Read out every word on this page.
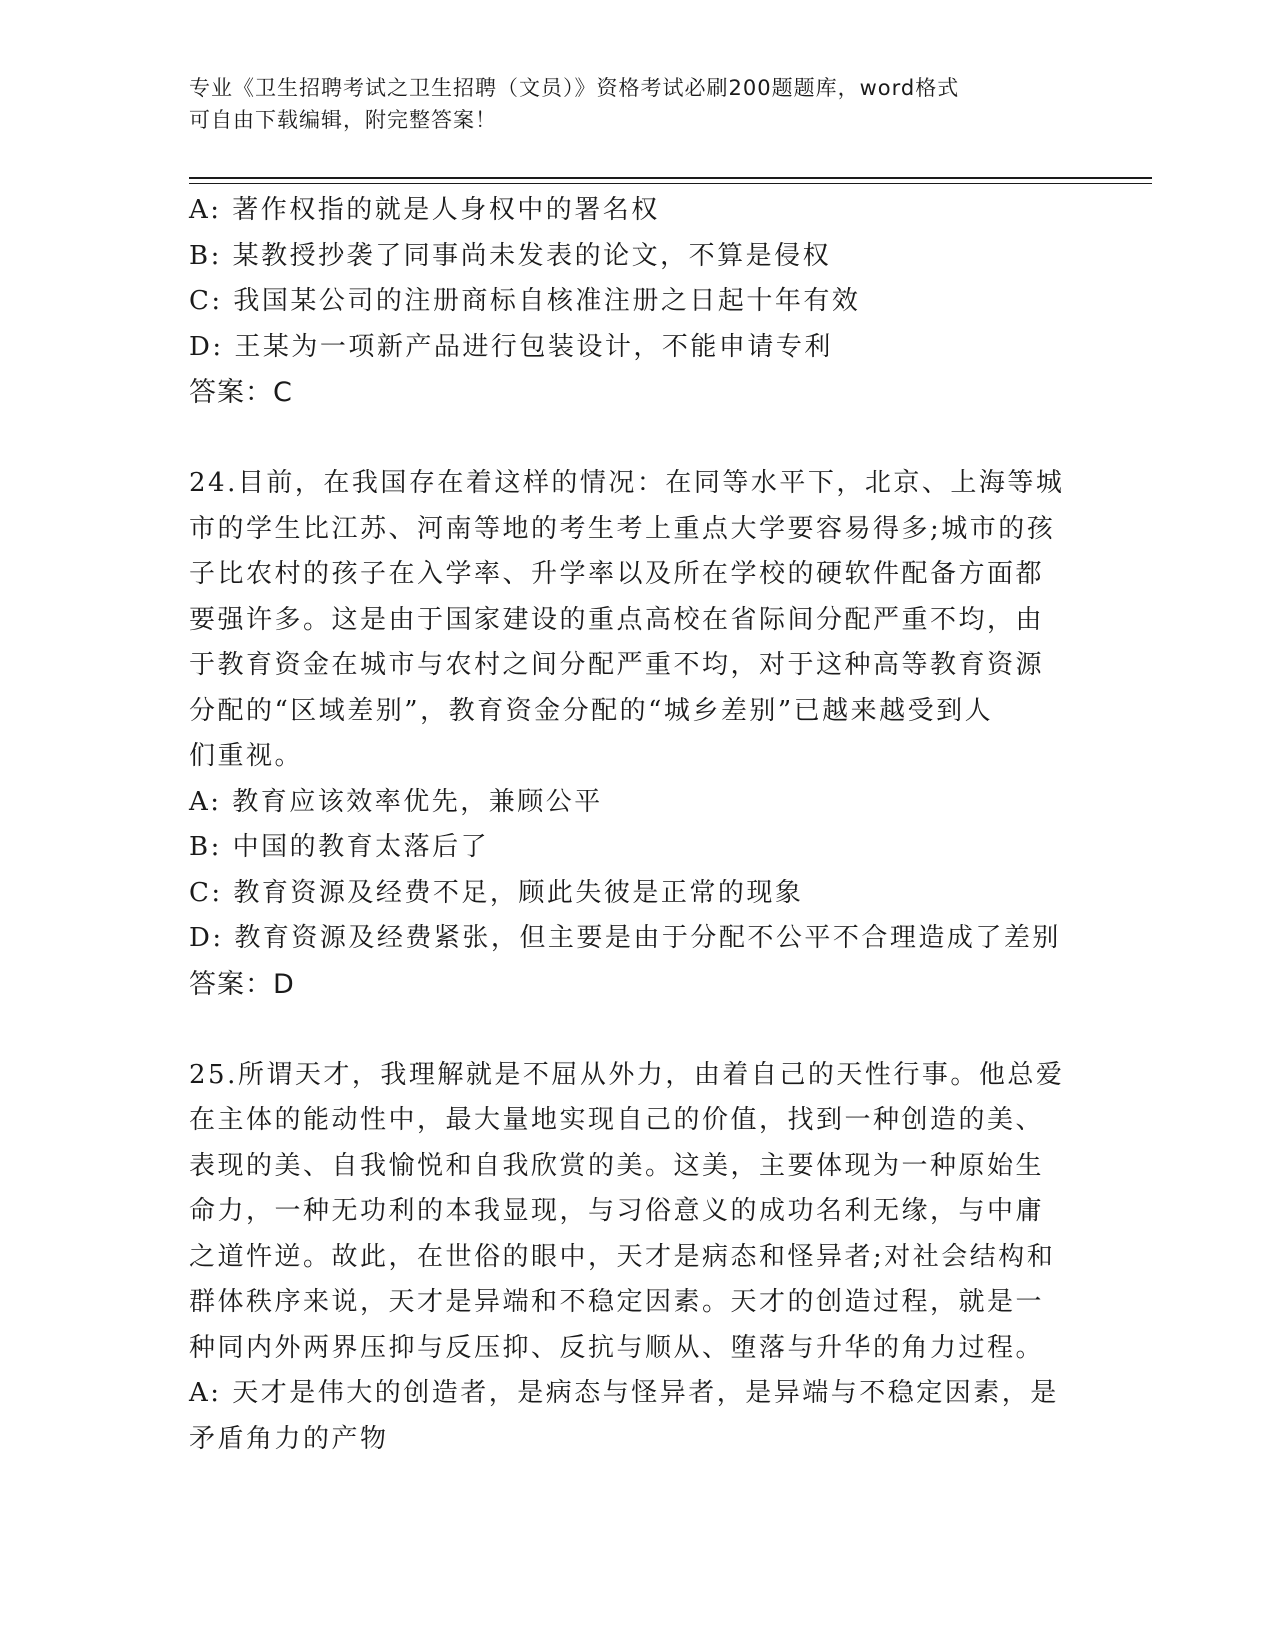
专业《卫生招聘考试之卫生招聘（文员）》资格考试必刷200题题库，word格式
可自由下载编辑，附完整答案！

A: 著作权指的就是人身权中的署名权

B: 某教授抄袭了同事尚未发表的论文，不算是侵权

C: 我国某公司的注册商标自核准注册之日起十年有效

D: 王某为一项新产品进行包装设计，不能申请专利

答案：C

24.目前，在我国存在着这样的情况：在同等水平下，北京、上海等城

市的学生比江苏、河南等地的考生考上重点大学要容易得多;城市的孩

子比农村的孩子在入学率、升学率以及所在学校的硬软件配备方面都

要强许多。这是由于国家建设的重点高校在省际间分配严重不均，由

于教育资金在城市与农村之间分配严重不均，对于这种高等教育资源

分配的“区域差别”，教育资金分配的“城乡差别”已越来越受到人

们重视。

A: 教育应该效率优先，兼顾公平

B: 中国的教育太落后了

C: 教育资源及经费不足，顾此失彼是正常的现象

D: 教育资源及经费紧张，但主要是由于分配不公平不合理造成了差别

答案：D

25.所谓天才，我理解就是不屈从外力，由着自己的天性行事。他总爱

在主体的能动性中，最大量地实现自己的价值，找到一种创造的美、

表现的美、自我愉悦和自我欣赏的美。这美，主要体现为一种原始生

命力，一种无功利的本我显现，与习俗意义的成功名利无缘，与中庸

之道忤逆。故此，在世俗的眼中，天才是病态和怪异者;对社会结构和

群体秩序来说，天才是异端和不稳定因素。天才的创造过程，就是一

种同内外两界压抑与反压抑、反抗与顺从、堕落与升华的角力过程。

A: 天才是伟大的创造者，是病态与怪异者，是异端与不稳定因素，是

矛盾角力的产物
